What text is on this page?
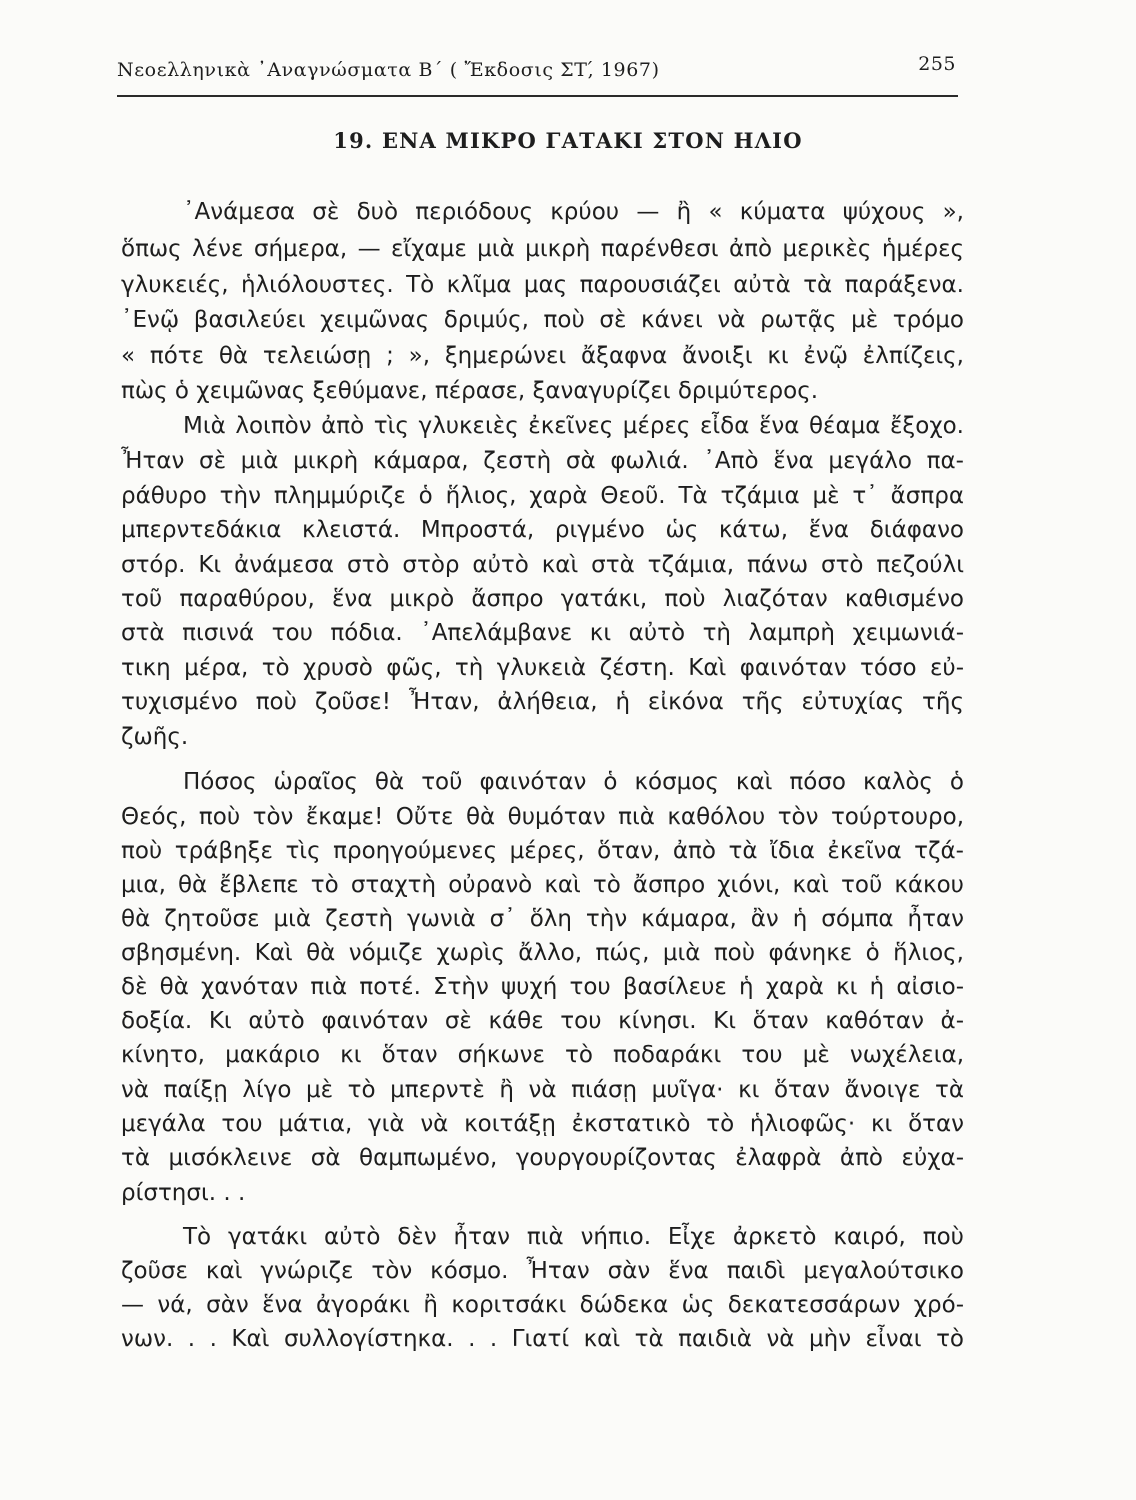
Νεοελληνικὰ ᾿Αναγνώσματα Β΄ ( Ἔκδοσις ΣΤ,́ 1967)	255
19. ΕΝΑ ΜΙΚΡΟ ΓΑΤΑΚΙ ΣΤΟΝ ΗΛΙΟ
᾿Ανάμεσα σὲ δυὸ περιόδους κρύου — ἢ « κύματα ψύχους »,
ὅπως λένε σήμερα, — εἴχαμε μιὰ μικρὴ παρένθεσι ἀπὸ μερικὲς ἡμέρες
γλυκειές, ἡλιόλουστες. Τὸ κλῖμα μας παρουσιάζει αὐτὰ τὰ παράξενα.
᾿Ενῷ βασιλεύει χειμῶνας δριμύς, ποὺ σὲ κάνει νὰ ρωτᾷς μὲ τρόμο
« πότε θὰ τελειώσῃ ; », ξημερώνει ἄξαφνα ἄνοιξι κι ἐνῷ ἐλπίζεις,
πὼς ὁ χειμῶνας ξεθύμανε, πέρασε, ξαναγυρίζει δριμύτερος.
Μιὰ λοιπὸν ἀπὸ τὶς γλυκειὲς ἐκεῖνες μέρες εἶδα ἕνα θέαμα ἔξοχο.
Ἦταν σὲ μιὰ μικρὴ κάμαρα, ζεστὴ σὰ φωλιά. ᾿Απὸ ἕνα μεγάλο πα-
ράθυρο τὴν πλημμύριζε ὁ ἥλιος, χαρὰ Θεοῦ. Τὰ τζάμια μὲ τ᾿ ἄσπρα
μπερντεδάκια κλειστά. Μπροστά, ριγμένο ὡς κάτω, ἕνα διάφανο
στόρ. Κι ἀνάμεσα στὸ στὸρ αὐτὸ καὶ στὰ τζάμια, πάνω στὸ πεζούλι
τοῦ παραθύρου, ἕνα μικρὸ ἄσπρο γατάκι, ποὺ λιαζόταν καθισμένο
στὰ πισινά του πόδια. ᾿Απελάμβανε κι αὐτὸ τὴ λαμπρὴ χειμωνιά-
τικη μέρα, τὸ χρυσὸ φῶς, τὴ γλυκειὰ ζέστη. Καὶ φαινόταν τόσο εὐ-
τυχισμένο ποὺ ζοῦσε! Ἦταν, ἀλήθεια, ἡ εἰκόνα τῆς εὐτυχίας τῆς
ζωῆς.
Πόσος ὡραῖος θὰ τοῦ φαινόταν ὁ κόσμος καὶ πόσο καλὸς ὁ
Θεός, ποὺ τὸν ἔκαμε! Οὔτε θὰ θυμόταν πιὰ καθόλου τὸν τούρτουρο,
ποὺ τράβηξε τὶς προηγούμενες μέρες, ὅταν, ἀπὸ τὰ ἴδια ἐκεῖνα τζά-
μια, θὰ ἔβλεπε τὸ σταχτὴ οὐρανὸ καὶ τὸ ἄσπρο χιόνι, καὶ τοῦ κάκου
θὰ ζητοῦσε μιὰ ζεστὴ γωνιὰ σ᾿ ὅλη τὴν κάμαρα, ἂν ἡ σόμπα ἦταν
σβησμένη. Καὶ θὰ νόμιζε χωρὶς ἄλλο, πώς, μιὰ ποὺ φάνηκε ὁ ἥλιος,
δὲ θὰ χανόταν πιὰ ποτέ. Στὴν ψυχή του βασίλευε ἡ χαρὰ κι ἡ αἰσιο-
δοξία. Κι αὐτὸ φαινόταν σὲ κάθε του κίνησι. Κι ὅταν καθόταν ἀ-
κίνητο, μακάριο κι ὅταν σήκωνε τὸ ποδαράκι του μὲ νωχέλεια,
νὰ παίξῃ λίγο μὲ τὸ μπερντὲ ἢ νὰ πιάσῃ μυῖγα· κι ὅταν ἄνοιγε τὰ
μεγάλα του μάτια, γιὰ νὰ κοιτάξῃ ἐκστατικὸ τὸ ἡλιοφῶς· κι ὅταν
τὰ μισόκλεινε σὰ θαμπωμένο, γουργουρίζοντας ἐλαφρὰ ἀπὸ εὐχα-
ρίστησι. . .
Τὸ γατάκι αὐτὸ δὲν ἦταν πιὰ νήπιο. Εἶχε ἀρκετὸ καιρό, ποὺ
ζοῦσε καὶ γνώριζε τὸν κόσμο. Ἦταν σὰν ἕνα παιδὶ μεγαλούτσικο
— νά, σὰν ἕνα ἀγοράκι ἢ κοριτσάκι δώδεκα ὡς δεκατεσσάρων χρό-
νων. . . Καὶ συλλογίστηκα. . . Γιατί καὶ τὰ παιδιὰ νὰ μὴν εἶναι τὸ
